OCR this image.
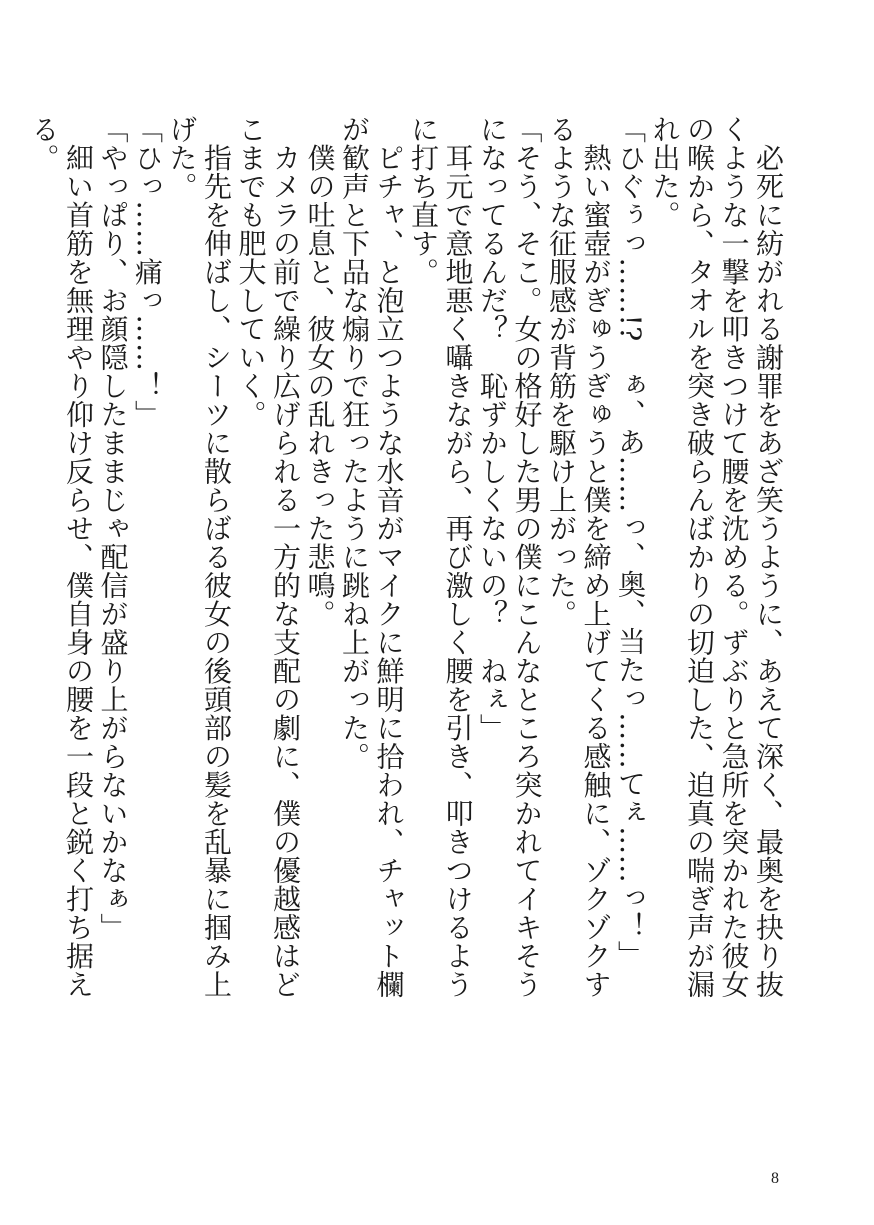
　必死に紡がれる謝罪をあざ笑うように、あえて深く、最奥を抉り抜くような一撃を叩きつけて腰を沈める。ずぶりと急所を突かれた彼女の喉から、タオルを突き破らんばかりの切迫した、迫真の喘ぎ声が漏れ出た。

「ひぐぅっ……!?　ぁ、あ……っ、奥、当たっ……てぇ……っ！」

　熱い蜜壺がぎゅうぎゅうと僕を締め上げてくる感触に、ゾクゾクするような征服感が背筋を駆け上がった。

「そう、そこ。女の格好した男の僕にこんなところ突かれてイキそうになってるんだ？　恥ずかしくないの？　ねぇ」

　耳元で意地悪く囁きながら、再び激しく腰を引き、叩きつけるように打ち直す。

　ピチャ、と泡立つような水音がマイクに鮮明に拾われ、チャット欄が歓声と下品な煽りで狂ったように跳ね上がった。

　僕の吐息と、彼女の乱れきった悲鳴。

　カメラの前で繰り広げられる一方的な支配の劇に、僕の優越感はどこまでも肥大していく。

　指先を伸ばし、シーツに散らばる彼女の後頭部の髪を乱暴に掴み上げた。

「ひっ……痛っ……！」

「やっぱり、お顔隠したままじゃ配信が盛り上がらないかなぁ」

　細い首筋を無理やり仰け反らせ、僕自身の腰を一段と鋭く打ち据える。

8
